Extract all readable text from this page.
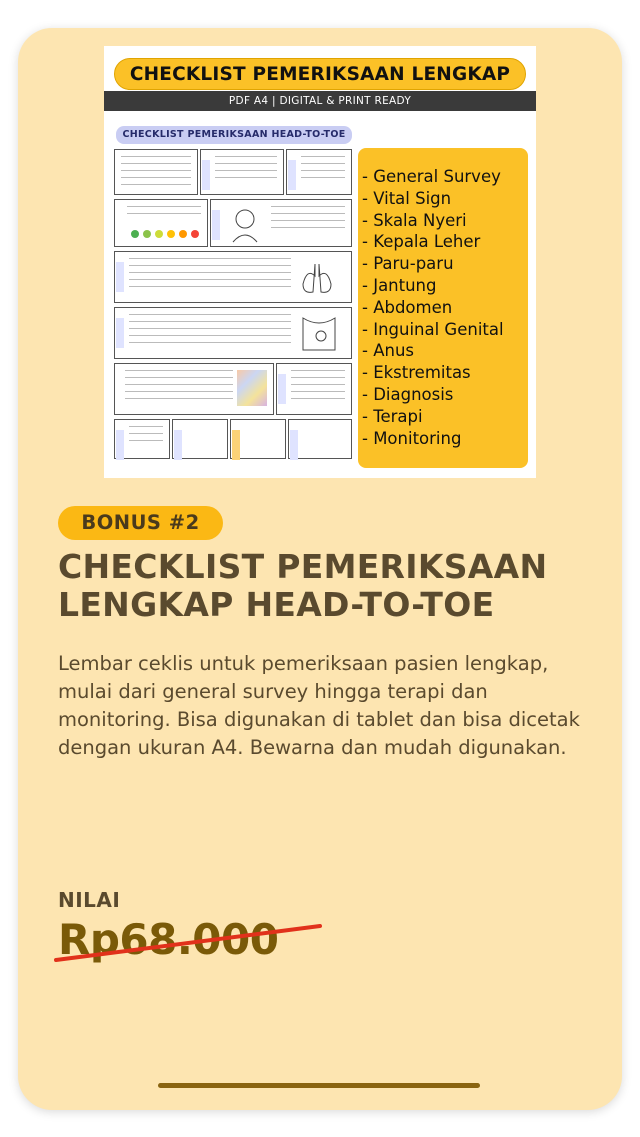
CHECKLIST PEMERIKSAAN LENGKAP
PDF A4 | DIGITAL & PRINT READY
CHECKLIST PEMERIKSAAN HEAD-TO-TOE
- General Survey
- Vital Sign
- Skala Nyeri
- Kepala Leher
- Paru-paru
- Jantung
- Abdomen
- Inguinal Genital
- Anus
- Ekstremitas
- Diagnosis
- Terapi
- Monitoring
BONUS #2
CHECKLIST PEMERIKSAAN
LENGKAP HEAD-TO-TOE

Lembar ceklis untuk pemeriksaan pasien lengkap, mulai dari general survey hingga terapi dan monitoring. Bisa digunakan di tablet dan bisa dicetak dengan ukuran A4. Bewarna dan mudah digunakan.

NILAI
Rp68.000
